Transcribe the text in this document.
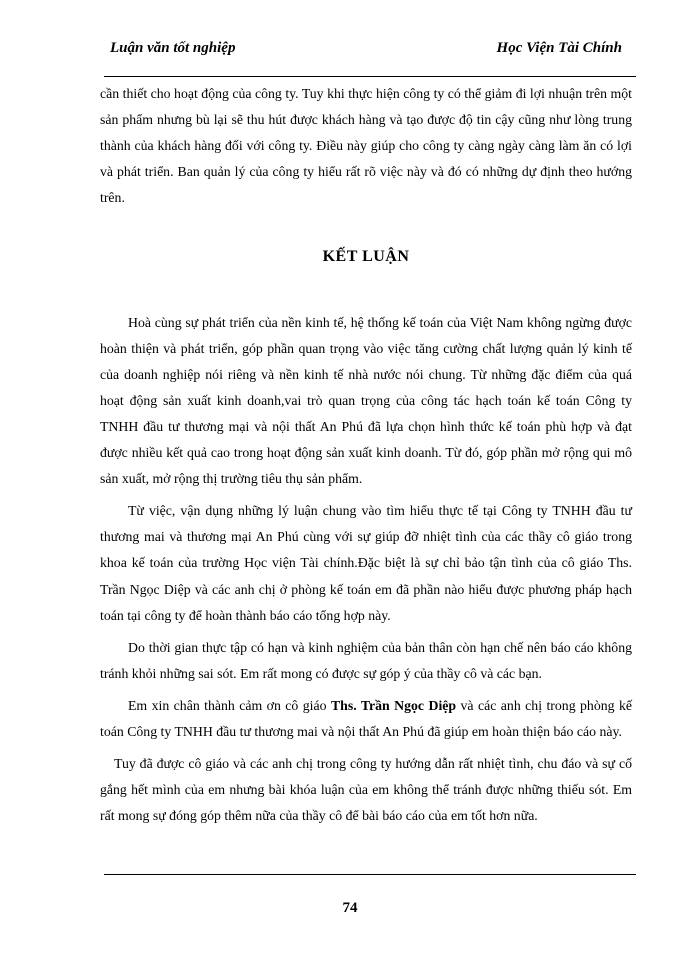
Luận văn tốt nghiệp	Học Viện Tài Chính

cần thiết cho hoạt động của công ty. Tuy khi thực hiện công ty có thể giảm đi lợi nhuận trên một sản phẩm nhưng bù lại sẽ thu hút được khách hàng và tạo được độ tin cậy cũng như lòng trung thành của khách hàng đối với công ty. Điều này giúp cho công ty càng ngày càng làm ăn có lợi và phát triển. Ban quản lý của công ty hiểu rất rõ việc này và đó có những dự định theo hướng trên.

KẾT LUẬN

Hoà cùng sự phát triển của nền kinh tế, hệ thống kế toán của Việt Nam không ngừng được hoàn thiện và phát triển, góp phần quan trọng vào việc tăng cường chất lượng quản lý kinh tế của doanh nghiệp nói riêng và nền kinh tế nhà nước nói chung. Từ những đặc điểm của quá hoạt động sản xuất kinh doanh,vai trò quan trọng của công tác hạch toán kế toán Công ty TNHH đầu tư thương mại và nội thất An Phú đã lựa chọn hình thức kế toán phù hợp và đạt được nhiều kết quả cao trong hoạt động sản xuất kinh doanh. Từ đó, góp phần mở rộng qui mô sản xuất, mở rộng thị trường tiêu thụ sản phẩm.

Từ việc, vận dụng những lý luận chung vào tìm hiểu thực tế tại Công ty TNHH đầu tư thương mai và thương mại An Phú cùng với sự giúp đỡ nhiệt tình của các thầy cô giáo trong khoa kế toán của trường Học viện Tài chính.Đặc biệt là sự chỉ bảo tận tình của cô giáo Ths. Trần Ngọc Diệp và các anh chị ở phòng kế toán em đã phần nào hiểu được phương pháp hạch toán tại công ty để hoàn thành báo cáo tổng hợp này.

Do thời gian thực tập có hạn và kinh nghiệm của bản thân còn hạn chế nên báo cáo không tránh khỏi những sai sót. Em rất mong có được sự góp ý của thầy cô và các bạn.

Em xin chân thành cảm ơn cô giáo Ths. Trần Ngọc Diệp và các anh chị trong phòng kế toán Công ty TNHH đầu tư thương mai và nội thất An Phú đã giúp em hoàn thiện báo cáo này.

Tuy đã được cô giáo và các anh chị trong công ty hướng dẫn rất nhiệt tình, chu đáo và sự cố gắng hết mình của em nhưng bài khóa luận của em không thể tránh được những thiếu sót. Em rất mong sự đóng góp thêm nữa của thầy cô để bài báo cáo của em tốt hơn nữa.

74
